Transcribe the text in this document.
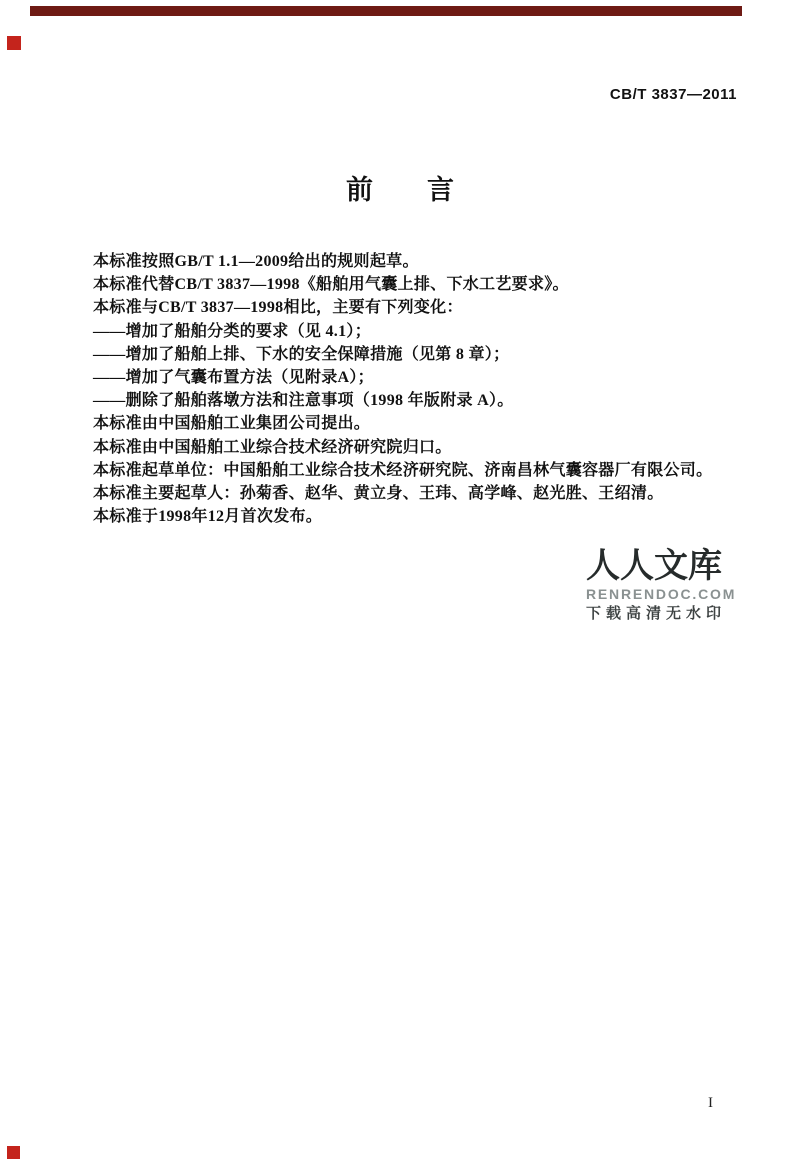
CB/T 3837—2011
前　　言

本标准按照GB/T 1.1—2009给出的规则起草。

本标准代替CB/T 3837—1998《船舶用气囊上排、下水工艺要求》。

本标准与CB/T 3837—1998相比，主要有下列变化：

——增加了船舶分类的要求（见 4.1）；

——增加了船舶上排、下水的安全保障措施（见第 8 章）；

——增加了气囊布置方法（见附录A）；

——删除了船舶落墩方法和注意事项（1998 年版附录 A）。

本标准由中国船舶工业集团公司提出。

本标准由中国船舶工业综合技术经济研究院归口。

本标准起草单位：中国船舶工业综合技术经济研究院、济南昌林气囊容器厂有限公司。

本标准主要起草人：孙菊香、赵华、黄立身、王玮、高学峰、赵光胜、王绍清。

本标准于1998年12月首次发布。

人人文库
RENRENDOC.COM
下载高清无水印
I
